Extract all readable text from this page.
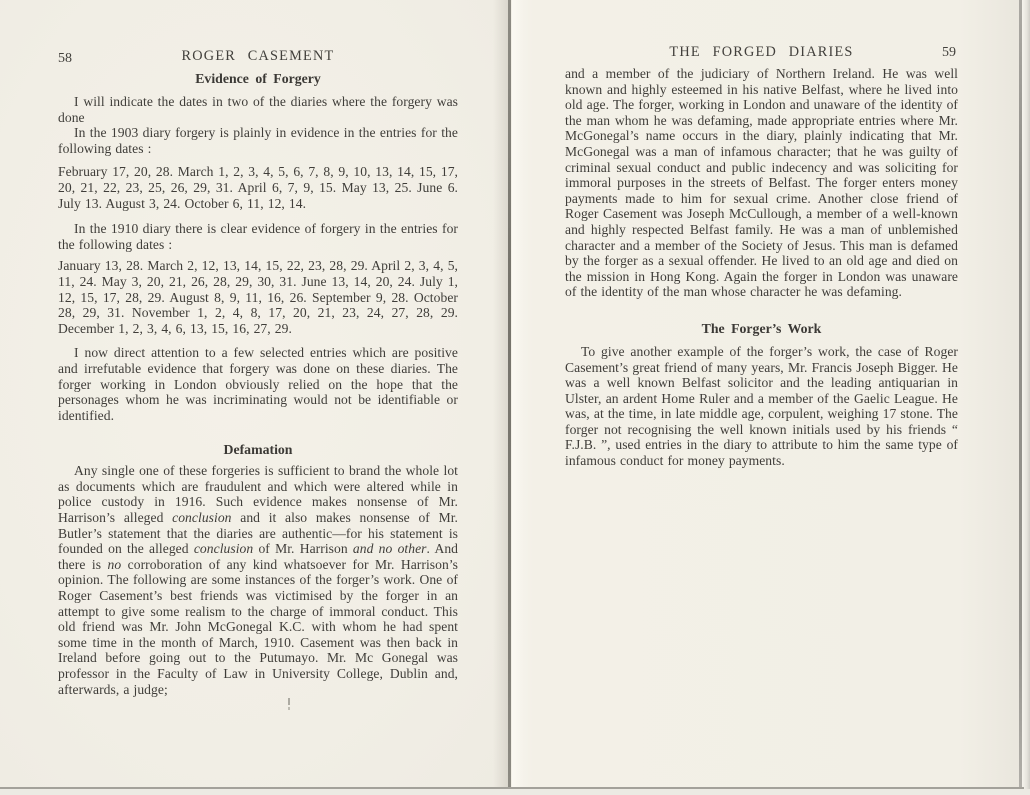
58	ROGER CASEMENT
Evidence of Forgery

I will indicate the dates in two of the diaries where the forgery was done

In the 1903 diary forgery is plainly in evidence in the entries for the following dates :

February 17, 20, 28. March 1, 2, 3, 4, 5, 6, 7, 8, 9, 10, 13, 14, 15, 17, 20, 21, 22, 23, 25, 26, 29, 31. April 6, 7, 9, 15. May 13, 25. June 6. July 13. August 3, 24. October 6, 11, 12, 14.

In the 1910 diary there is clear evidence of forgery in the entries for the following dates :

January 13, 28. March 2, 12, 13, 14, 15, 22, 23, 28, 29. April 2, 3, 4, 5, 11, 24. May 3, 20, 21, 26, 28, 29, 30, 31. June 13, 14, 20, 24. July 1, 12, 15, 17, 28, 29. August 8, 9, 11, 16, 26. September 9, 28. October 28, 29, 31. November 1, 2, 4, 8, 17, 20, 21, 23, 24, 27, 28, 29. December 1, 2, 3, 4, 6, 13, 15, 16, 27, 29.

I now direct attention to a few selected entries which are positive and irrefutable evidence that forgery was done on these diaries. The forger working in London obviously relied on the hope that the personages whom he was incriminating would not be identifiable or identified.

Defamation

Any single one of these forgeries is sufficient to brand the whole lot as documents which are fraudulent and which were altered while in police custody in 1916. Such evidence makes nonsense of Mr. Harrison’s alleged conclusion and it also makes nonsense of Mr. Butler’s statement that the diaries are authentic—for his statement is founded on the alleged conclusion of Mr. Harrison and no other. And there is no corroboration of any kind whatsoever for Mr. Harrison’s opinion. The following are some instances of the forger’s work. One of Roger Casement’s best friends was victimised by the forger in an attempt to give some realism to the charge of immoral conduct. This old friend was Mr. John McGonegal K.C. with whom he had spent some time in the month of March, 1910. Casement was then back in Ireland before going out to the Putumayo. Mr. Mc Gonegal was professor in the Faculty of Law in University College, Dublin and, afterwards, a judge;

THE FORGED DIARIES	59

and a member of the judiciary of Northern Ireland. He was well known and highly esteemed in his native Belfast, where he lived into old age. The forger, working in London and unaware of the identity of the man whom he was defaming, made appropriate entries where Mr. McGonegal’s name occurs in the diary, plainly indicating that Mr. McGonegal was a man of infamous character; that he was guilty of criminal sexual conduct and public indecency and was soliciting for immoral purposes in the streets of Belfast. The forger enters money payments made to him for sexual crime. Another close friend of Roger Casement was Joseph McCullough, a member of a well-known and highly respected Belfast family. He was a man of unblemished character and a member of the Society of Jesus. This man is defamed by the forger as a sexual offender. He lived to an old age and died on the mission in Hong Kong. Again the forger in London was unaware of the identity of the man whose character he was defaming.

The Forger’s Work

To give another example of the forger’s work, the case of Roger Casement’s great friend of many years, Mr. Francis Joseph Bigger. He was a well known Belfast solicitor and the leading antiquarian in Ulster, an ardent Home Ruler and a member of the Gaelic League. He was, at the time, in late middle age, corpulent, weighing 17 stone. The forger not recognising the well known initials used by his friends “ F.J.B. ”, used entries in the diary to attribute to him the same type of infamous conduct for money payments.
